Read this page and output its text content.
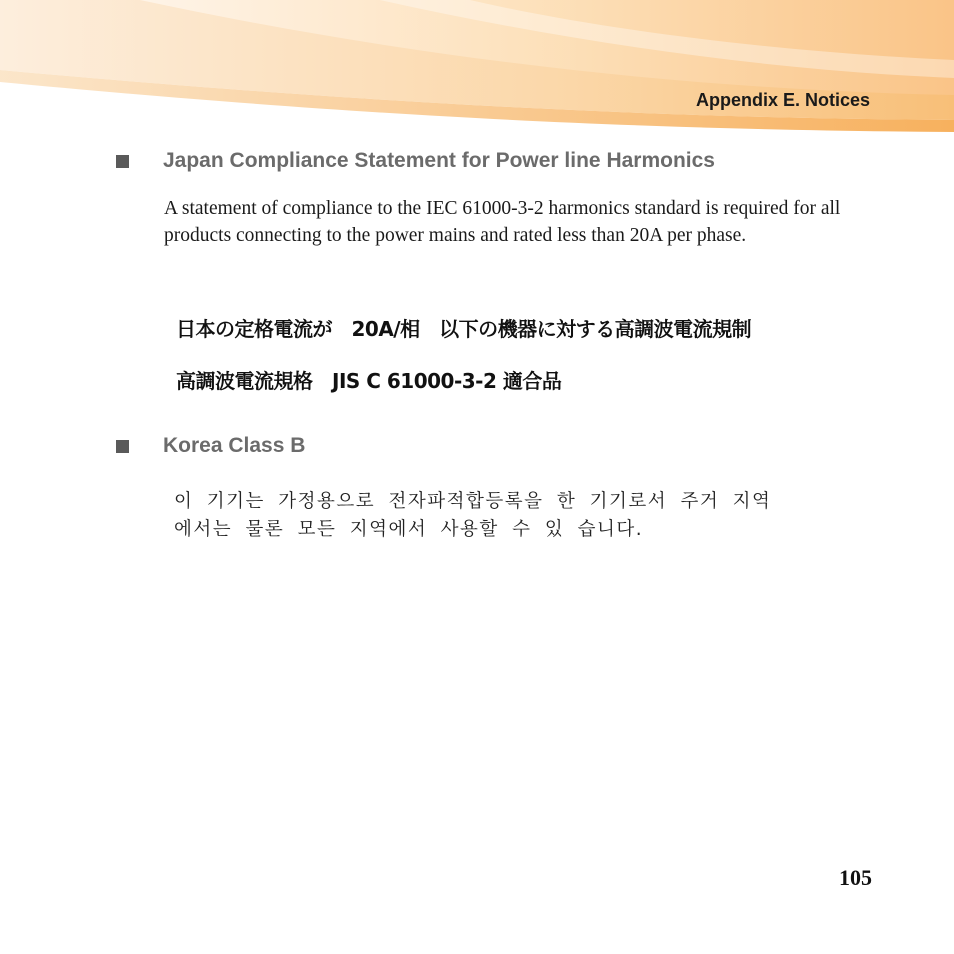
Appendix E. Notices
Japan Compliance Statement for Power line Harmonics
A statement of compliance to the IEC 61000-3-2 harmonics standard is required for all products connecting to the power mains and rated less than 20A per phase.
日本の定格電流が　20A/相　以下の機器に対する高調波電流規制
高調波電流規格　JIS C 61000-3-2 適合品
Korea Class B
이 기기는 가정용으로 전자파적합등록을 한 기기로서 주거 지역
에서는 물론 모든 지역에서 사용할 수 있 습니다.
105
